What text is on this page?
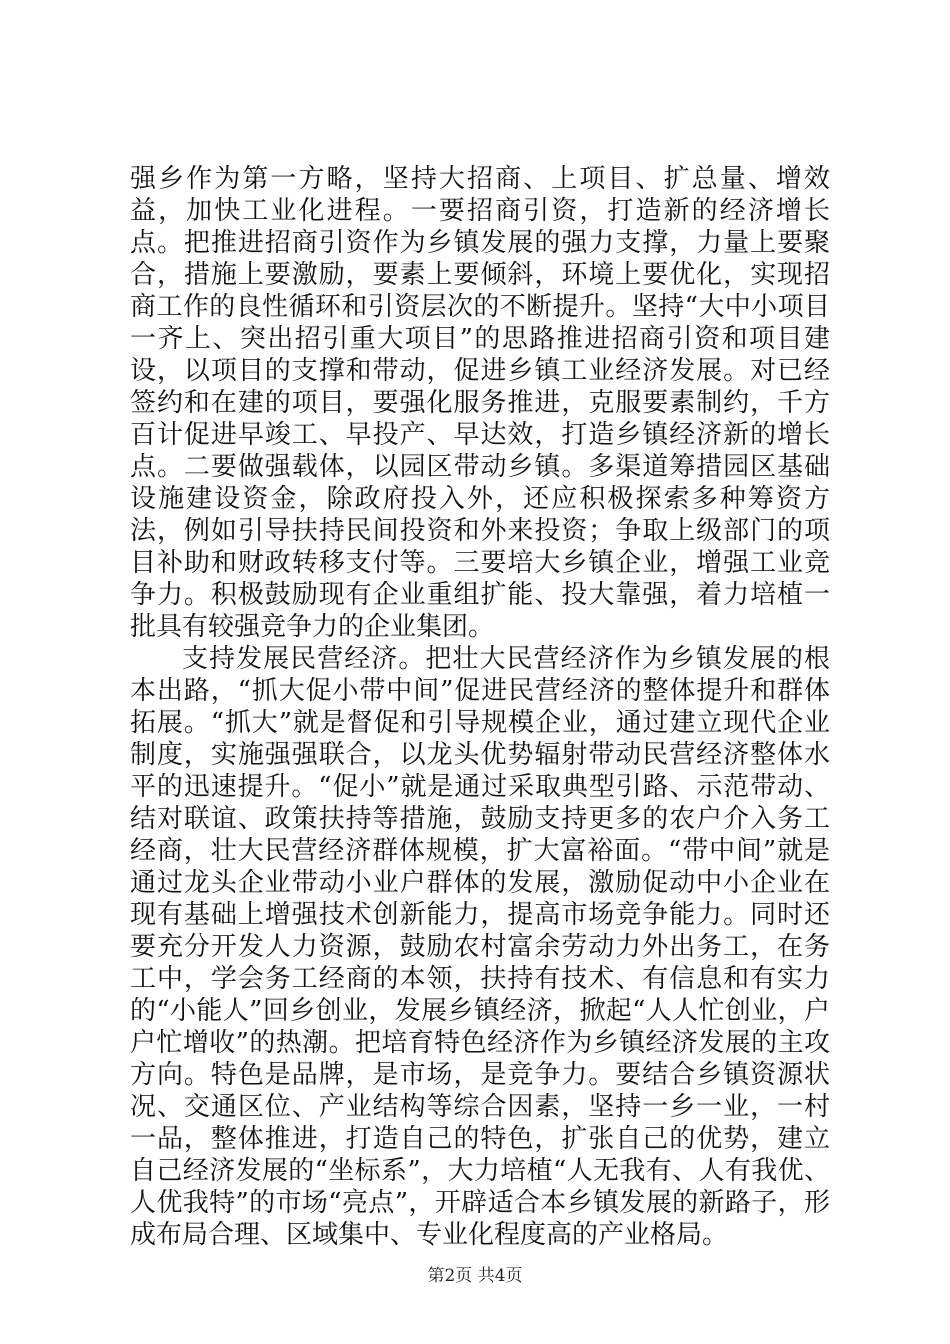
强乡作为第一方略，坚持大招商、上项目、扩总量、增效益，加快工业化进程。一要招商引资，打造新的经济增长点。把推进招商引资作为乡镇发展的强力支撑，力量上要聚合，措施上要激励，要素上要倾斜，环境上要优化，实现招商工作的良性循环和引资层次的不断提升。坚持“大中小项目一齐上、突出招引重大项目”的思路推进招商引资和项目建设，以项目的支撑和带动，促进乡镇工业经济发展。对已经签约和在建的项目，要强化服务推进，克服要素制约，千方百计促进早竣工、早投产、早达效，打造乡镇经济新的增长点。二要做强载体，以园区带动乡镇。多渠道筹措园区基础设施建设资金，除政府投入外，还应积极探索多种筹资方法，例如引导扶持民间投资和外来投资；争取上级部门的项目补助和财政转移支付等。三要培大乡镇企业，增强工业竞争力。积极鼓励现有企业重组扩能、投大靠强，着力培植一批具有较强竞争力的企业集团。

支持发展民营经济。把壮大民营经济作为乡镇发展的根本出路，“抓大促小带中间”促进民营经济的整体提升和群体拓展。“抓大”就是督促和引导规模企业，通过建立现代企业制度，实施强强联合，以龙头优势辐射带动民营经济整体水平的迅速提升。“促小”就是通过采取典型引路、示范带动、结对联谊、政策扶持等措施，鼓励支持更多的农户介入务工经商，壮大民营经济群体规模，扩大富裕面。“带中间”就是通过龙头企业带动小业户群体的发展，激励促动中小企业在现有基础上增强技术创新能力，提高市场竞争能力。同时还要充分开发人力资源，鼓励农村富余劳动力外出务工，在务工中，学会务工经商的本领，扶持有技术、有信息和有实力的“小能人”回乡创业，发展乡镇经济，掀起“人人忙创业，户户忙增收”的热潮。把培育特色经济作为乡镇经济发展的主攻方向。特色是品牌，是市场，是竞争力。要结合乡镇资源状况、交通区位、产业结构等综合因素，坚持一乡一业，一村一品，整体推进，打造自己的特色，扩张自己的优势，建立自己经济发展的“坐标系”，大力培植“人无我有、人有我优、人优我特”的市场“亮点”，开辟适合本乡镇发展的新路子，形成布局合理、区域集中、专业化程度高的产业格局。

第2页 共4页
